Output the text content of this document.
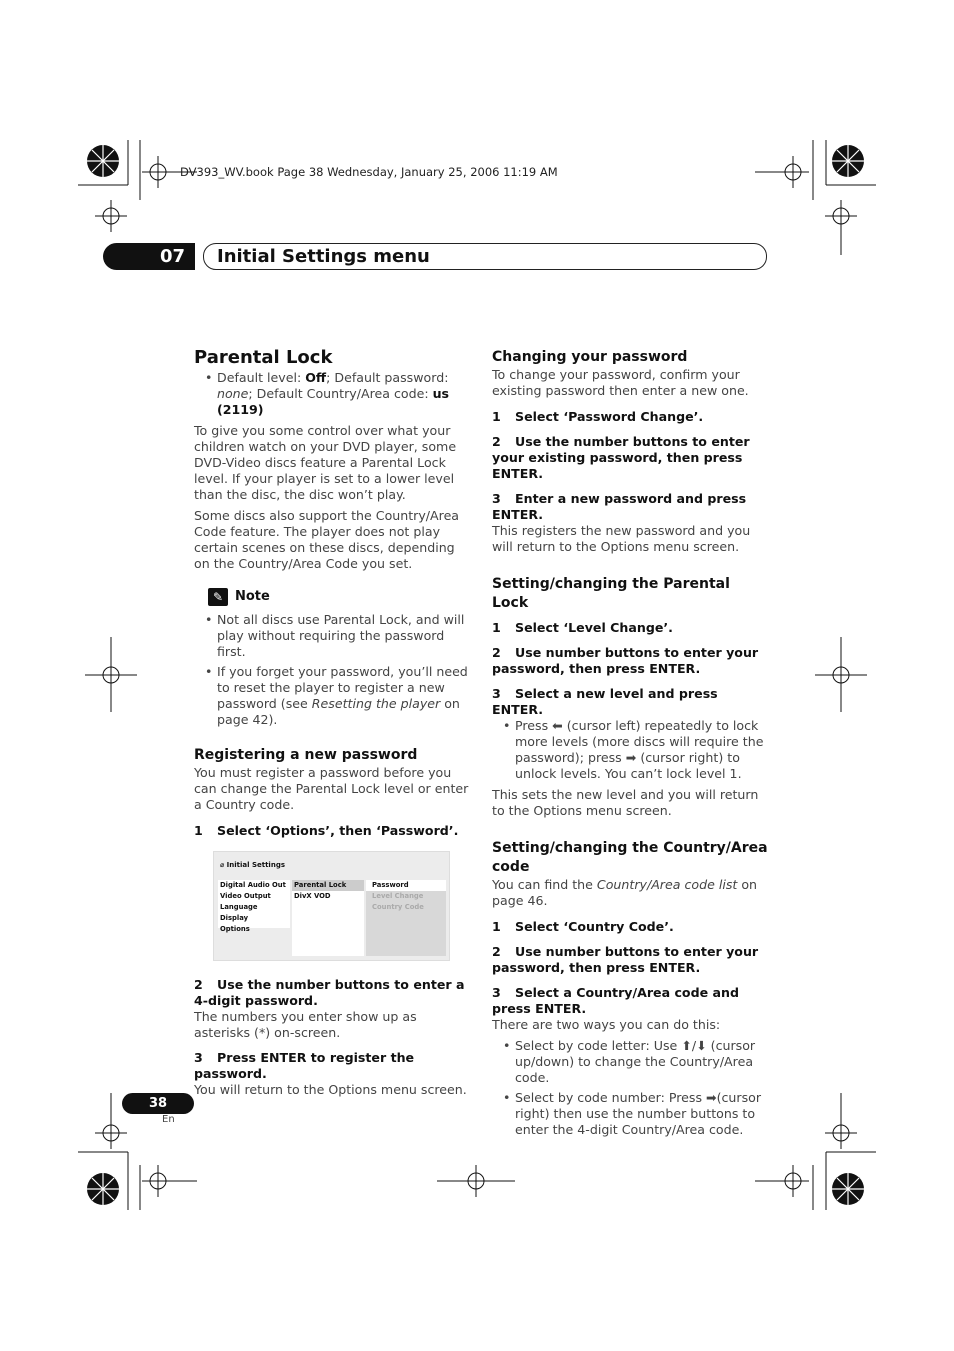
DV393_WV.book Page 38 Wednesday, January 25, 2006 11:19 AM
07	Initial Settings menu
Parental Lock
• Default level: Off; Default password: none; Default Country/Area code: us (2119)

To give you some control over what your children watch on your DVD player, some DVD-Video discs feature a Parental Lock level. If your player is set to a lower level than the disc, the disc won’t play.

Some discs also support the Country/Area Code feature. The player does not play certain scenes on these discs, depending on the Country/Area Code you set.

✎ Note
• Not all discs use Parental Lock, and will play without requiring the password first.
• If you forget your password, you’ll need to reset the player to register a new password (see Resetting the player on page 42).
Registering a new password

You must register a password before you can change the Parental Lock level or enter a Country code.

1 Select ‘Options’, then ‘Password’.
⌀ Initial Settings
Digital Audio Out
Video Output
Language
Display
Options
Parental Lock
DivX VOD
Password
Level Change
Country Code
2 Use the number buttons to enter a 4-digit password.

The numbers you enter show up as asterisks (*) on-screen.

3 Press ENTER to register the password.

You will return to the Options menu screen.

Changing your password

To change your password, confirm your existing password then enter a new one.

1 Select ‘Password Change’.
2 Use the number buttons to enter your existing password, then press ENTER.
3 Enter a new password and press ENTER.

This registers the new password and you will return to the Options menu screen.

Setting/changing the Parental Lock
1 Select ‘Level Change’.
2 Use number buttons to enter your password, then press ENTER.
3 Select a new level and press ENTER.
• Press ⬅ (cursor left) repeatedly to lock more levels (more discs will require the password); press ➡ (cursor right) to unlock levels. You can’t lock level 1.

This sets the new level and you will return to the Options menu screen.

Setting/changing the Country/Area code

You can find the Country/Area code list on page 46.

1 Select ‘Country Code’.
2 Use number buttons to enter your password, then press ENTER.
3 Select a Country/Area code and press ENTER.

There are two ways you can do this:

• Select by code letter: Use ⬆/⬇ (cursor up/down) to change the Country/Area code.
• Select by code number: Press ➡(cursor right) then use the number buttons to enter the 4-digit Country/Area code.
38
En
